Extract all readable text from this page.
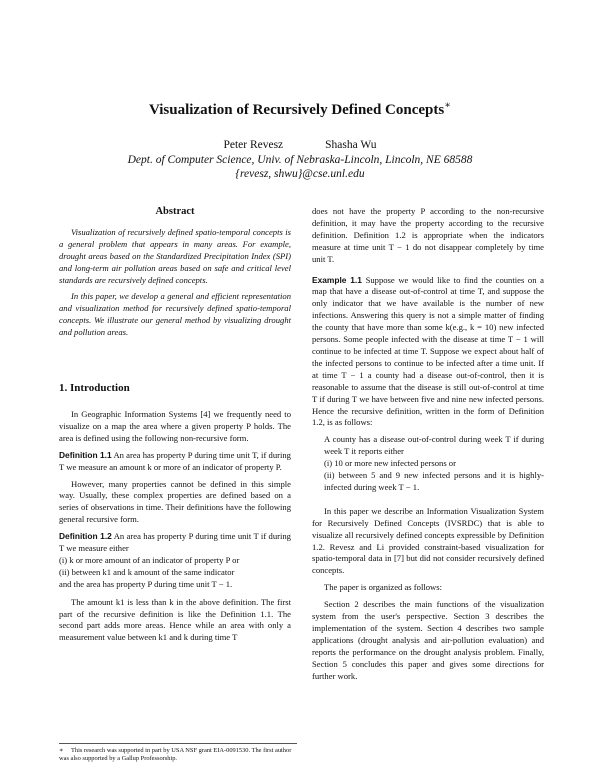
Visualization of Recursively Defined Concepts∗
Peter Revesz	Shasha Wu
Dept. of Computer Science, Univ. of Nebraska-Lincoln, Lincoln, NE 68588
{revesz, shwu}@cse.unl.edu
Abstract

Visualization of recursively defined spatio-temporal concepts is a general problem that appears in many areas. For example, drought areas based on the Standardized Precipitation Index (SPI) and long-term air pollution areas based on safe and critical level standards are recursively defined concepts.

In this paper, we develop a general and efficient representation and visualization method for recursively defined spatio-temporal concepts. We illustrate our general method by visualizing drought and pollution areas.

1. Introduction

In Geographic Information Systems [4] we frequently need to visualize on a map the area where a given property P holds. The area is defined using the following non-recursive form.

Definition 1.1 An area has property P during time unit T, if during T we measure an amount k or more of an indicator of property P.

However, many properties cannot be defined in this simple way. Usually, these complex properties are defined based on a series of observations in time. Their definitions have the following general recursive form.

Definition 1.2 An area has property P during time unit T if during T we measure either
(i) k or more amount of an indicator of property P or
(ii) between k1 and k amount of the same indicator
and the area has property P during time unit T − 1.

The amount k1 is less than k in the above definition. The first part of the recursive definition is like the Definition 1.1. The second part adds more areas. Hence while an area with only a measurement value between k1 and k during time T

does not have the property P according to the non-recursive definition, it may have the property according to the recursive definition. Definition 1.2 is appropriate when the indicators measure at time unit T − 1 do not disappear completely by time unit T.

Example 1.1 Suppose we would like to find the counties on a map that have a disease out-of-control at time T, and suppose the only indicator that we have available is the number of new infections. Answering this query is not a simple matter of finding the county that have more than some k(e.g., k = 10) new infected persons. Some people infected with the disease at time T − 1 will continue to be infected at time T. Suppose we expect about half of the infected persons to continue to be infected after a time unit. If at time T − 1 a county had a disease out-of-control, then it is reasonable to assume that the disease is still out-of-control at time T if during T we have between five and nine new infected persons. Hence the recursive definition, written in the form of Definition 1.2, is as follows:

A county has a disease out-of-control during week T if during week T it reports either
(i) 10 or more new infected persons or
(ii) between 5 and 9 new infected persons and it is highly-infected during week T − 1.

In this paper we describe an Information Visualization System for Recursively Defined Concepts (IVSRDC) that is able to visualize all recursively defined concepts expressible by Definition 1.2. Revesz and Li provided constraint-based visualization for spatio-temporal data in [7] but did not consider recursively defined concepts.

The paper is organized as follows:

Section 2 describes the main functions of the visualization system from the user's perspective. Section 3 describes the implementation of the system. Section 4 describes two sample applications (drought analysis and air-pollution evaluation) and reports the performance on the drought analysis problem. Finally, Section 5 concludes this paper and gives some directions for further work.

∗ This research was supported in part by USA NSF grant EIA-0091530. The first author was also supported by a Gallup Professorship.
